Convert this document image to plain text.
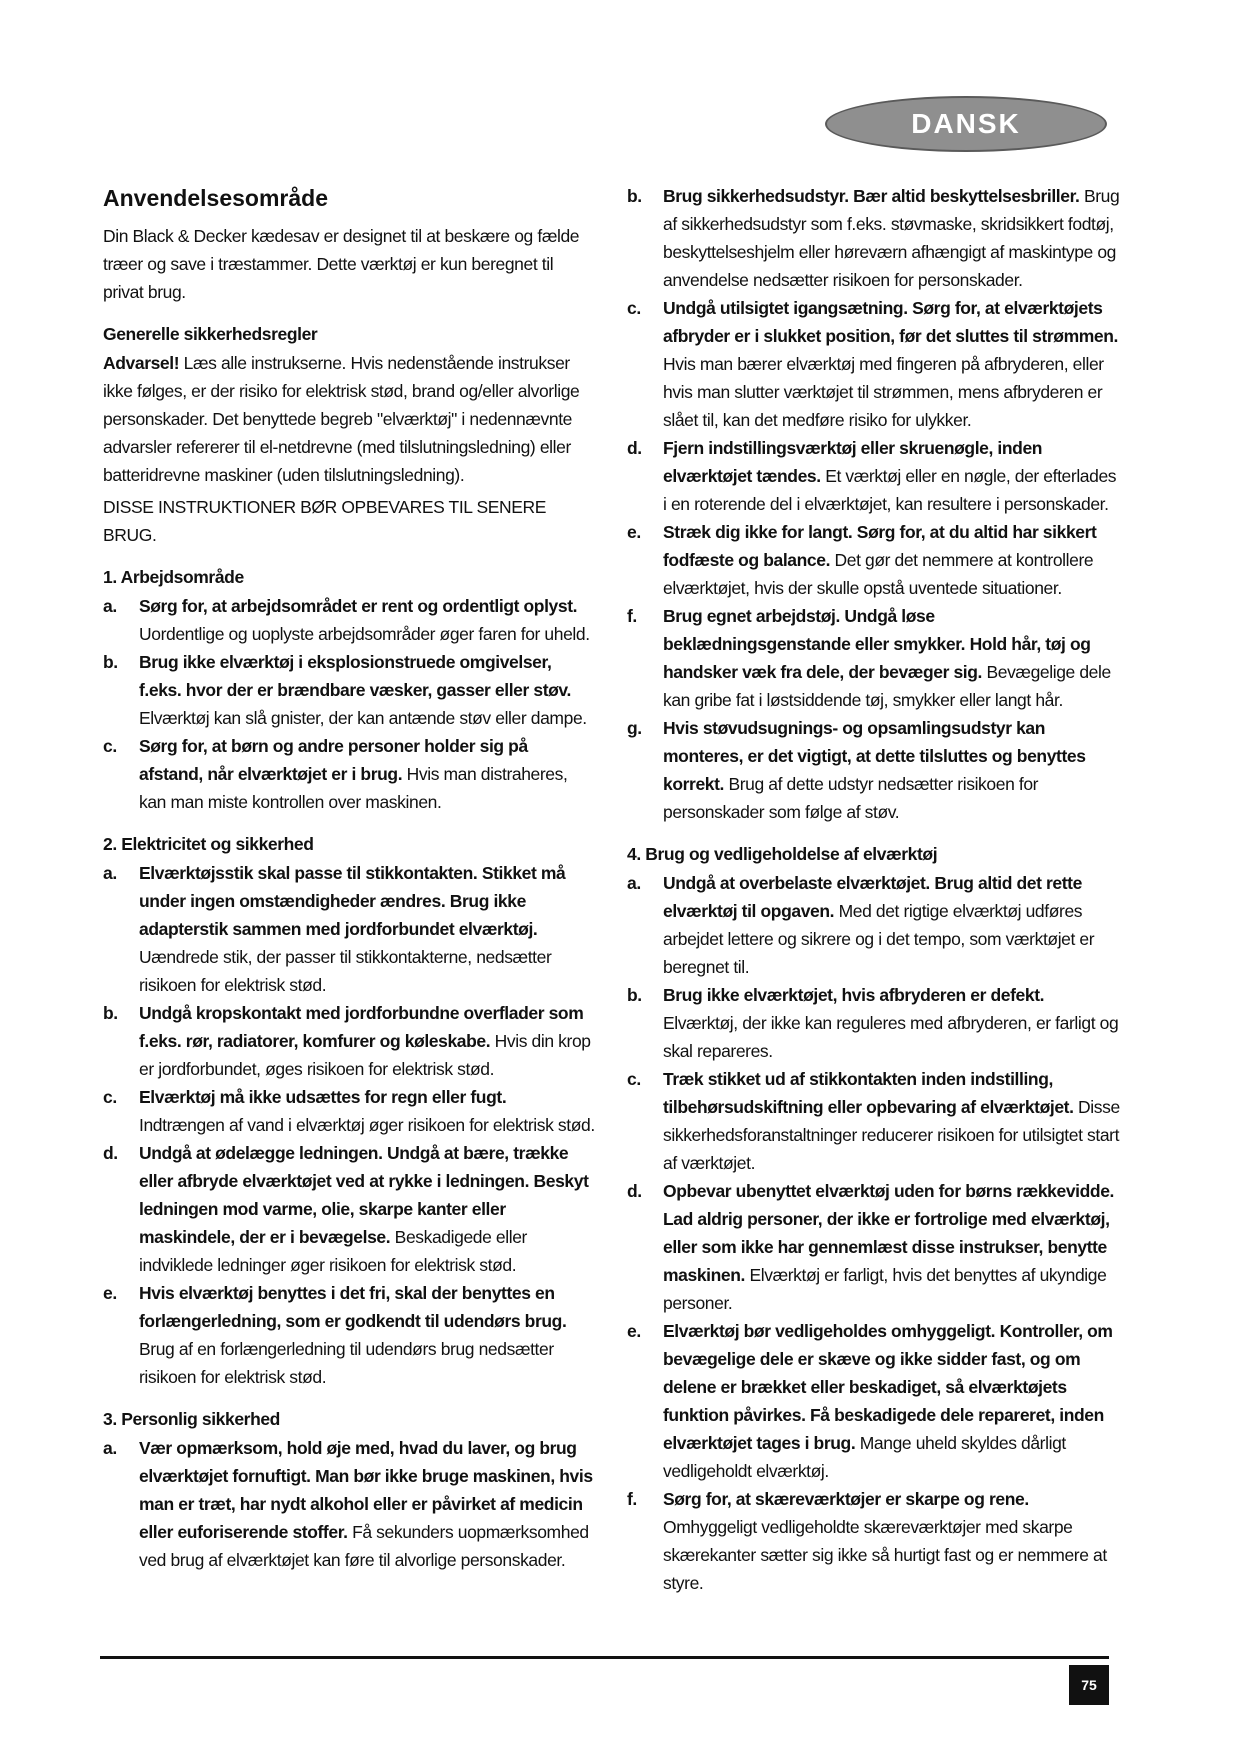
DANSK
Anvendelsesområde

Din Black & Decker kædesav er designet til at beskære og fælde træer og save i træstammer. Dette værktøj er kun beregnet til privat brug.

Generelle sikkerhedsregler

Advarsel! Læs alle instrukserne. Hvis nedenstående instrukser ikke følges, er der risiko for elektrisk stød, brand og/eller alvorlige personskader. Det benyttede begreb "elværktøj" i nedennævnte advarsler refererer til el-netdrevne (med tilslutningsledning) eller batteridrevne maskiner (uden tilslutningsledning).

DISSE INSTRUKTIONER BØR OPBEVARES TIL SENERE BRUG.

1. Arbejdsområde

a. Sørg for, at arbejdsområdet er rent og ordentligt oplyst. Uordentlige og uoplyste arbejdsområder øger faren for uheld.

b. Brug ikke elværktøj i eksplosionstruede omgivelser, f.eks. hvor der er brændbare væsker, gasser eller støv. Elværktøj kan slå gnister, der kan antænde støv eller dampe.

c. Sørg for, at børn og andre personer holder sig på afstand, når elværktøjet er i brug. Hvis man distraheres, kan man miste kontrollen over maskinen.

2. Elektricitet og sikkerhed

a. Elværktøjsstik skal passe til stikkontakten. Stikket må under ingen omstændigheder ændres. Brug ikke adapterstik sammen med jordforbundet elværktøj. Uændrede stik, der passer til stikkontakterne, nedsætter risikoen for elektrisk stød.

b. Undgå kropskontakt med jordforbundne overflader som f.eks. rør, radiatorer, komfurer og køleskabe. Hvis din krop er jordforbundet, øges risikoen for elektrisk stød.

c. Elværktøj må ikke udsættes for regn eller fugt. Indtrængen af vand i elværktøj øger risikoen for elektrisk stød.

d. Undgå at ødelægge ledningen. Undgå at bære, trække eller afbryde elværktøjet ved at rykke i ledningen. Beskyt ledningen mod varme, olie, skarpe kanter eller maskindele, der er i bevægelse. Beskadigede eller indviklede ledninger øger risikoen for elektrisk stød.

e. Hvis elværktøj benyttes i det fri, skal der benyttes en forlængerledning, som er godkendt til udendørs brug. Brug af en forlængerledning til udendørs brug nedsætter risikoen for elektrisk stød.

3. Personlig sikkerhed

a. Vær opmærksom, hold øje med, hvad du laver, og brug elværktøjet fornuftigt. Man bør ikke bruge maskinen, hvis man er træt, har nydt alkohol eller er påvirket af medicin eller euforiserende stoffer. Få sekunders uopmærksomhed ved brug af elværktøjet kan føre til alvorlige personskader.

b. Brug sikkerhedsudstyr. Bær altid beskyttelsesbriller. Brug af sikkerhedsudstyr som f.eks. støvmaske, skridsikkert fodtøj, beskyttelseshjelm eller høreværn afhængigt af maskintype og anvendelse nedsætter risikoen for personskader.

c. Undgå utilsigtet igangsætning. Sørg for, at elværktøjets afbryder er i slukket position, før det sluttes til strømmen. Hvis man bærer elværktøj med fingeren på afbryderen, eller hvis man slutter værktøjet til strømmen, mens afbryderen er slået til, kan det medføre risiko for ulykker.

d. Fjern indstillingsværktøj eller skruenøgle, inden elværktøjet tændes. Et værktøj eller en nøgle, der efterlades i en roterende del i elværktøjet, kan resultere i personskader.

e. Stræk dig ikke for langt. Sørg for, at du altid har sikkert fodfæste og balance. Det gør det nemmere at kontrollere elværktøjet, hvis der skulle opstå uventede situationer.

f. Brug egnet arbejdstøj. Undgå løse beklædningsgenstande eller smykker. Hold hår, tøj og handsker væk fra dele, der bevæger sig. Bevægelige dele kan gribe fat i løstsiddende tøj, smykker eller langt hår.

g. Hvis støvudsugnings- og opsamlingsudstyr kan monteres, er det vigtigt, at dette tilsluttes og benyttes korrekt. Brug af dette udstyr nedsætter risikoen for personskader som følge af støv.

4. Brug og vedligeholdelse af elværktøj

a. Undgå at overbelaste elværktøjet. Brug altid det rette elværktøj til opgaven. Med det rigtige elværktøj udføres arbejdet lettere og sikrere og i det tempo, som værktøjet er beregnet til.

b. Brug ikke elværktøjet, hvis afbryderen er defekt. Elværktøj, der ikke kan reguleres med afbryderen, er farligt og skal repareres.

c. Træk stikket ud af stikkontakten inden indstilling, tilbehørsudskiftning eller opbevaring af elværktøjet. Disse sikkerhedsforanstaltninger reducerer risikoen for utilsigtet start af værktøjet.

d. Opbevar ubenyttet elværktøj uden for børns rækkevidde. Lad aldrig personer, der ikke er fortrolige med elværktøj, eller som ikke har gennemlæst disse instrukser, benytte maskinen. Elværktøj er farligt, hvis det benyttes af ukyndige personer.

e. Elværktøj bør vedligeholdes omhyggeligt. Kontroller, om bevægelige dele er skæve og ikke sidder fast, og om delene er brækket eller beskadiget, så elværktøjets funktion påvirkes. Få beskadigede dele repareret, inden elværktøjet tages i brug. Mange uheld skyldes dårligt vedligeholdt elværktøj.

f. Sørg for, at skæreværktøjer er skarpe og rene. Omhyggeligt vedligeholdte skæreværktøjer med skarpe skærekanter sætter sig ikke så hurtigt fast og er nemmere at styre.

75
